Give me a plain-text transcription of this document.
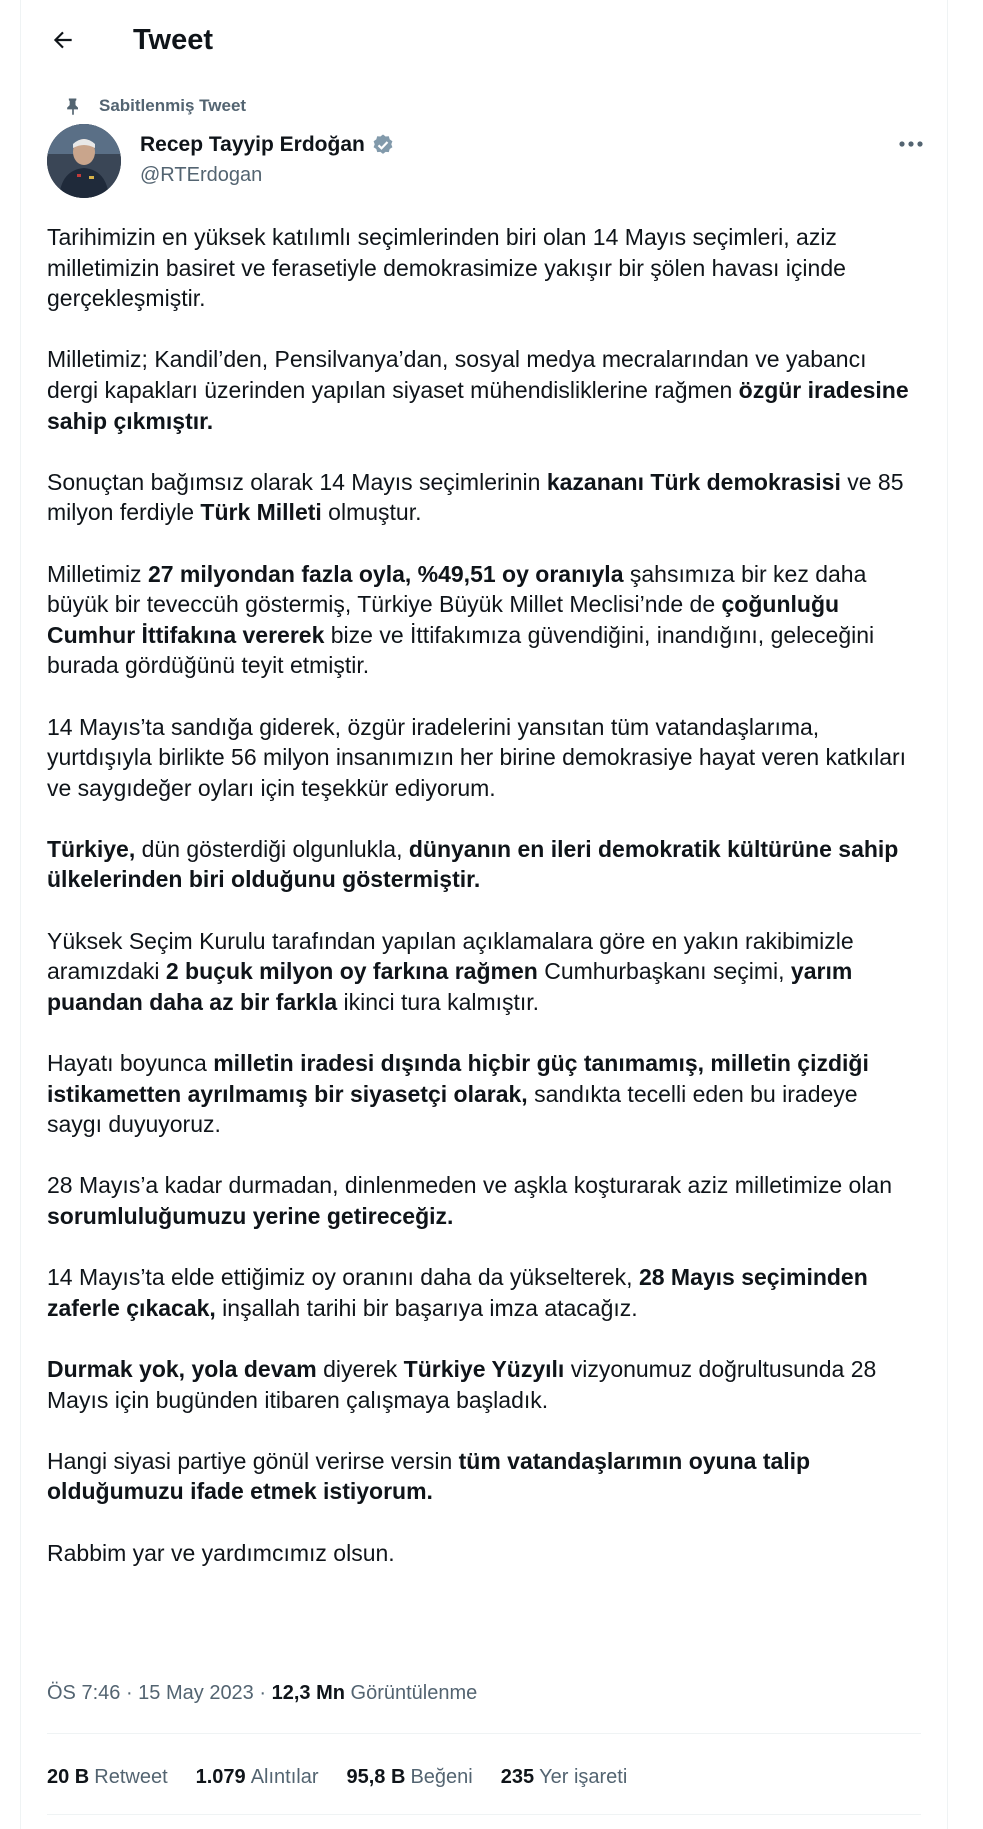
Tweet
Sabitlenmiş Tweet
Recep Tayyip Erdoğan
@RTErdogan

Tarihimizin en yüksek katılımlı seçimlerinden biri olan 14 Mayıs seçimleri, aziz milletimizin basiret ve ferasetiyle demokrasimize yakışır bir şölen havası içinde gerçekleşmiştir.

Milletimiz; Kandil’den, Pensilvanya’dan, sosyal medya mecralarından ve yabancı dergi kapakları üzerinden yapılan siyaset mühendisliklerine rağmen özgür iradesine sahip çıkmıştır.

Sonuçtan bağımsız olarak 14 Mayıs seçimlerinin kazananı Türk demokrasisi ve 85 milyon ferdiyle Türk Milleti olmuştur.

Milletimiz 27 milyondan fazla oyla, %49,51 oy oranıyla şahsımıza bir kez daha büyük bir teveccüh göstermiş, Türkiye Büyük Millet Meclisi’nde de çoğunluğu Cumhur İttifakına vererek bize ve İttifakımıza güvendiğini, inandığını, geleceğini burada gördüğünü teyit etmiştir.

14 Mayıs’ta sandığa giderek, özgür iradelerini yansıtan tüm vatandaşlarıma, yurtdışıyla birlikte 56 milyon insanımızın her birine demokrasiye hayat veren katkıları ve saygıdeğer oyları için teşekkür ediyorum.

Türkiye, dün gösterdiği olgunlukla, dünyanın en ileri demokratik kültürüne sahip ülkelerinden biri olduğunu göstermiştir.

Yüksek Seçim Kurulu tarafından yapılan açıklamalara göre en yakın rakibimizle aramızdaki 2 buçuk milyon oy farkına rağmen Cumhurbaşkanı seçimi, yarım puandan daha az bir farkla ikinci tura kalmıştır.

Hayatı boyunca milletin iradesi dışında hiçbir güç tanımamış, milletin çizdiği istikametten ayrılmamış bir siyasetçi olarak, sandıkta tecelli eden bu iradeye saygı duyuyoruz.

28 Mayıs’a kadar durmadan, dinlenmeden ve aşkla koşturarak aziz milletimize olan sorumluluğumuzu yerine getireceğiz.

14 Mayıs’ta elde ettiğimiz oy oranını daha da yükselterek, 28 Mayıs seçiminden zaferle çıkacak, inşallah tarihi bir başarıya imza atacağız.

Durmak yok, yola devam diyerek Türkiye Yüzyılı vizyonumuz doğrultusunda 28 Mayıs için bugünden itibaren çalışmaya başladık.

Hangi siyasi partiye gönül verirse versin tüm vatandaşlarımın oyuna talip olduğumuzu ifade etmek istiyorum.

Rabbim yar ve yardımcımız olsun.

ÖS 7:46 · 15 May 2023 · 12,3 Mn Görüntülenme
20 B Retweet 1.079 Alıntılar 95,8 B Beğeni 235 Yer işareti
